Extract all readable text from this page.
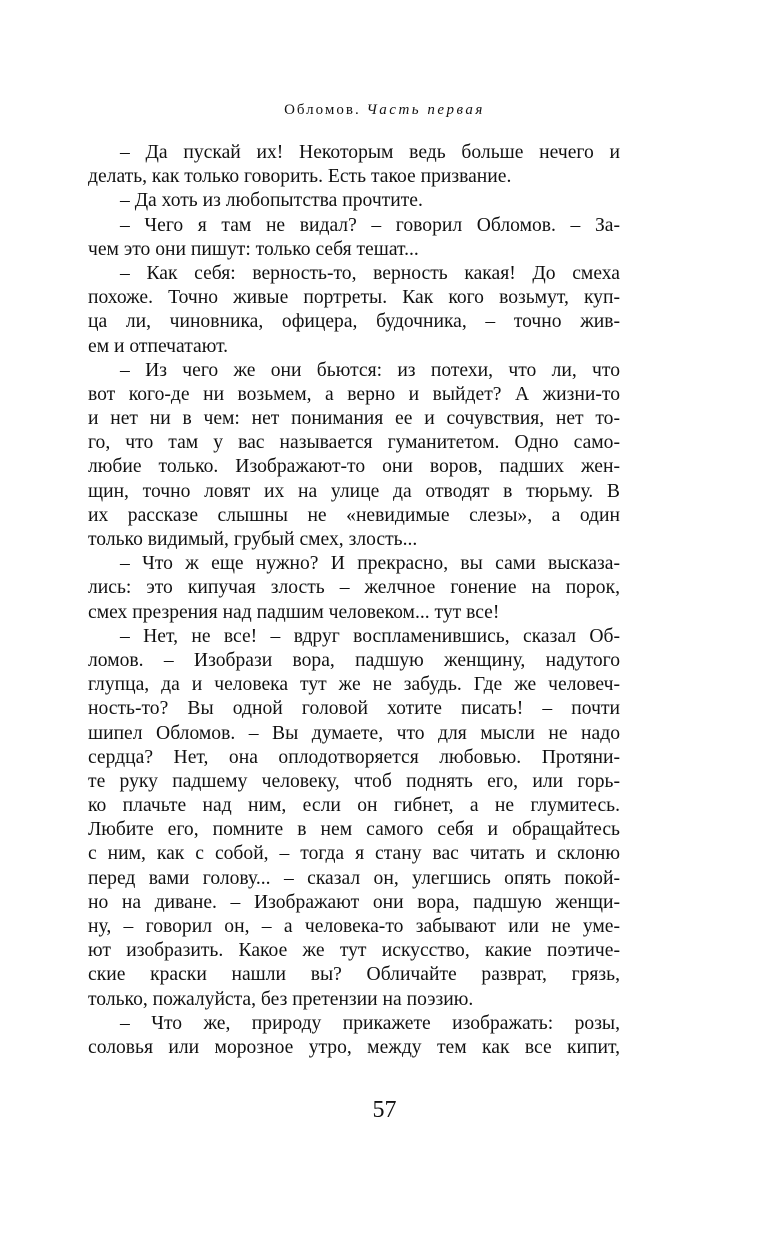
Обломов. Часть первая
– Да пускай их! Некоторым ведь больше нечего и
делать, как только говорить. Есть такое призвание.
– Да хоть из любопытства прочтите.
– Чего я там не видал? – говорил Обломов. – За-
чем это они пишут: только себя тешат...
– Как себя: верность-то, верность какая! До смеха
похоже. Точно живые портреты. Как кого возьмут, куп-
ца ли, чиновника, офицера, будочника, – точно жив-
ем и отпечатают.
– Из чего же они бьются: из потехи, что ли, что
вот кого-де ни возьмем, а верно и выйдет? А жизни-то
и нет ни в чем: нет понимания ее и сочувствия, нет то-
го, что там у вас называется гуманитетом. Одно само-
любие только. Изображают-то они воров, падших жен-
щин, точно ловят их на улице да отводят в тюрьму. В
их рассказе слышны не «невидимые слезы», а один
только видимый, грубый смех, злость...
– Что ж еще нужно? И прекрасно, вы сами высказа-
лись: это кипучая злость – желчное гонение на порок,
смех презрения над падшим человеком... тут все!
– Нет, не все! – вдруг воспламенившись, сказал Об-
ломов. – Изобрази вора, падшую женщину, надутого
глупца, да и человека тут же не забудь. Где же человеч-
ность-то? Вы одной головой хотите писать! – почти
шипел Обломов. – Вы думаете, что для мысли не надо
сердца? Нет, она оплодотворяется любовью. Протяни-
те руку падшему человеку, чтоб поднять его, или горь-
ко плачьте над ним, если он гибнет, а не глумитесь.
Любите его, помните в нем самого себя и обращайтесь
с ним, как с собой, – тогда я стану вас читать и склоню
перед вами голову... – сказал он, улегшись опять покой-
но на диване. – Изображают они вора, падшую женщи-
ну, – говорил он, – а человека-то забывают или не уме-
ют изобразить. Какое же тут искусство, какие поэтиче-
ские краски нашли вы? Обличайте разврат, грязь,
только, пожалуйста, без претензии на поэзию.
– Что же, природу прикажете изображать: розы,
соловья или морозное утро, между тем как все кипит,
57
